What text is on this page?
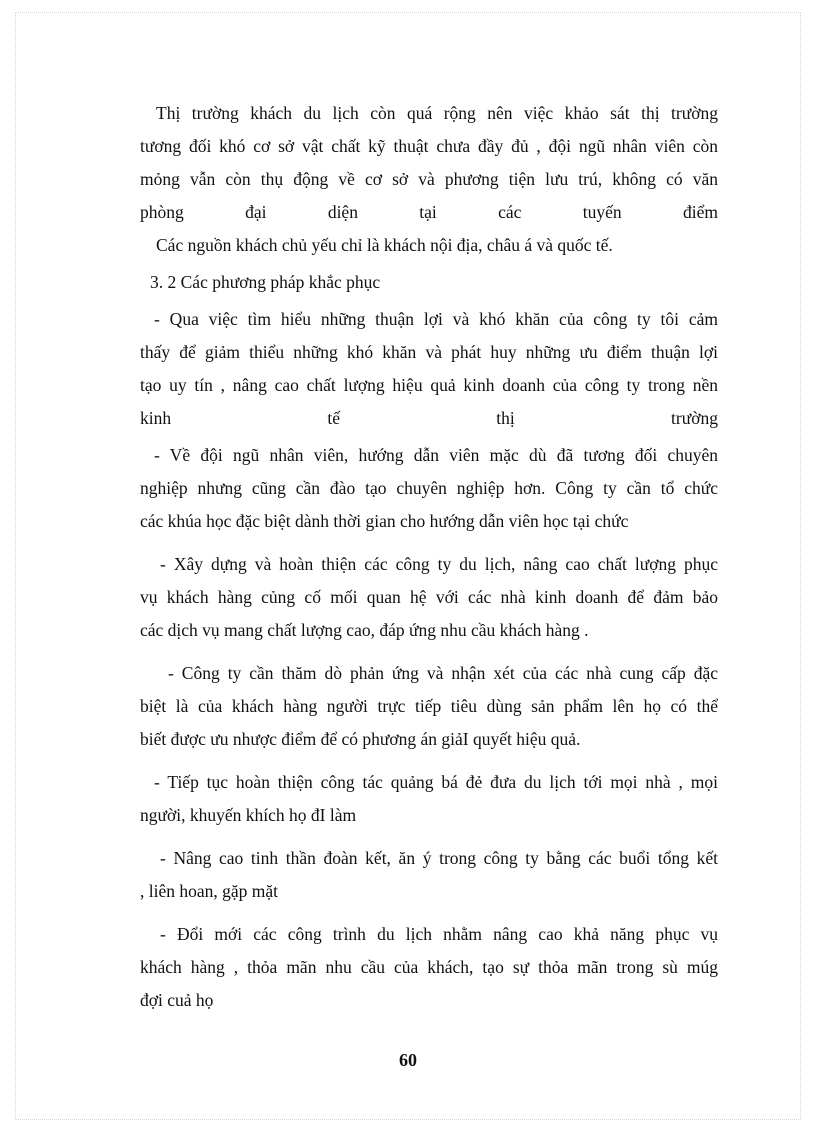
Thị trường khách du lịch còn quá rộng nên việc khảo sát thị trường

tương đối khó cơ sở vật chất kỹ thuật chưa đầy đủ , đội ngũ nhân viên còn

mỏng vẫn còn thụ động về cơ sở và phương tiện lưu trú, không có văn

phòng đại diện tại các tuyến điểm

Các nguồn khách chủ yếu chỉ là khách nội địa, châu á và quốc tế.

3. 2 Các phương pháp khắc phục

- Qua việc tìm hiểu những thuận lợi và khó khăn của công ty tôi cảm

thấy để giảm thiểu những khó khăn và phát huy những ưu điểm thuận lợi

tạo uy tín , nâng cao chất lượng hiệu quả kinh doanh của công ty trong nền

kinh tế thị trường

- Về đội ngũ nhân viên, hướng dẫn viên mặc dù đã tương đối chuyên

nghiệp nhưng cũng cần đào tạo chuyên nghiệp hơn. Công ty cần tổ chức

các khúa học đặc biệt dành thời gian cho hướng dẫn viên học tại chức

- Xây dựng và hoàn thiện các công ty du lịch, nâng cao chất lượng phục

vụ khách hàng củng cố mối quan hệ với các nhà kinh doanh để đảm bảo

các dịch vụ mang chất lượng cao, đáp ứng nhu cầu khách hàng .

- Công ty cần thăm dò phản ứng và nhận xét của các nhà cung cấp đặc

biệt là của khách hàng người trực tiếp tiêu dùng sản phẩm lên họ có thể

biết được ưu nhược điểm để có phương án giảI quyết hiệu quả.

- Tiếp tục hoàn thiện công tác quảng bá đẻ đưa du lịch tới mọi nhà , mọi

người, khuyến khích họ đI làm

- Nâng cao tinh thần đoàn kết, ăn ý trong công ty bằng các buổi tổng kết

, liên hoan, gặp mặt

- Đổi mới các công trình du lịch nhằm nâng cao khả năng phục vụ

khách hàng , thỏa mãn nhu cầu của khách, tạo sự thỏa mãn trong sù múg

đợi cuả họ

60
